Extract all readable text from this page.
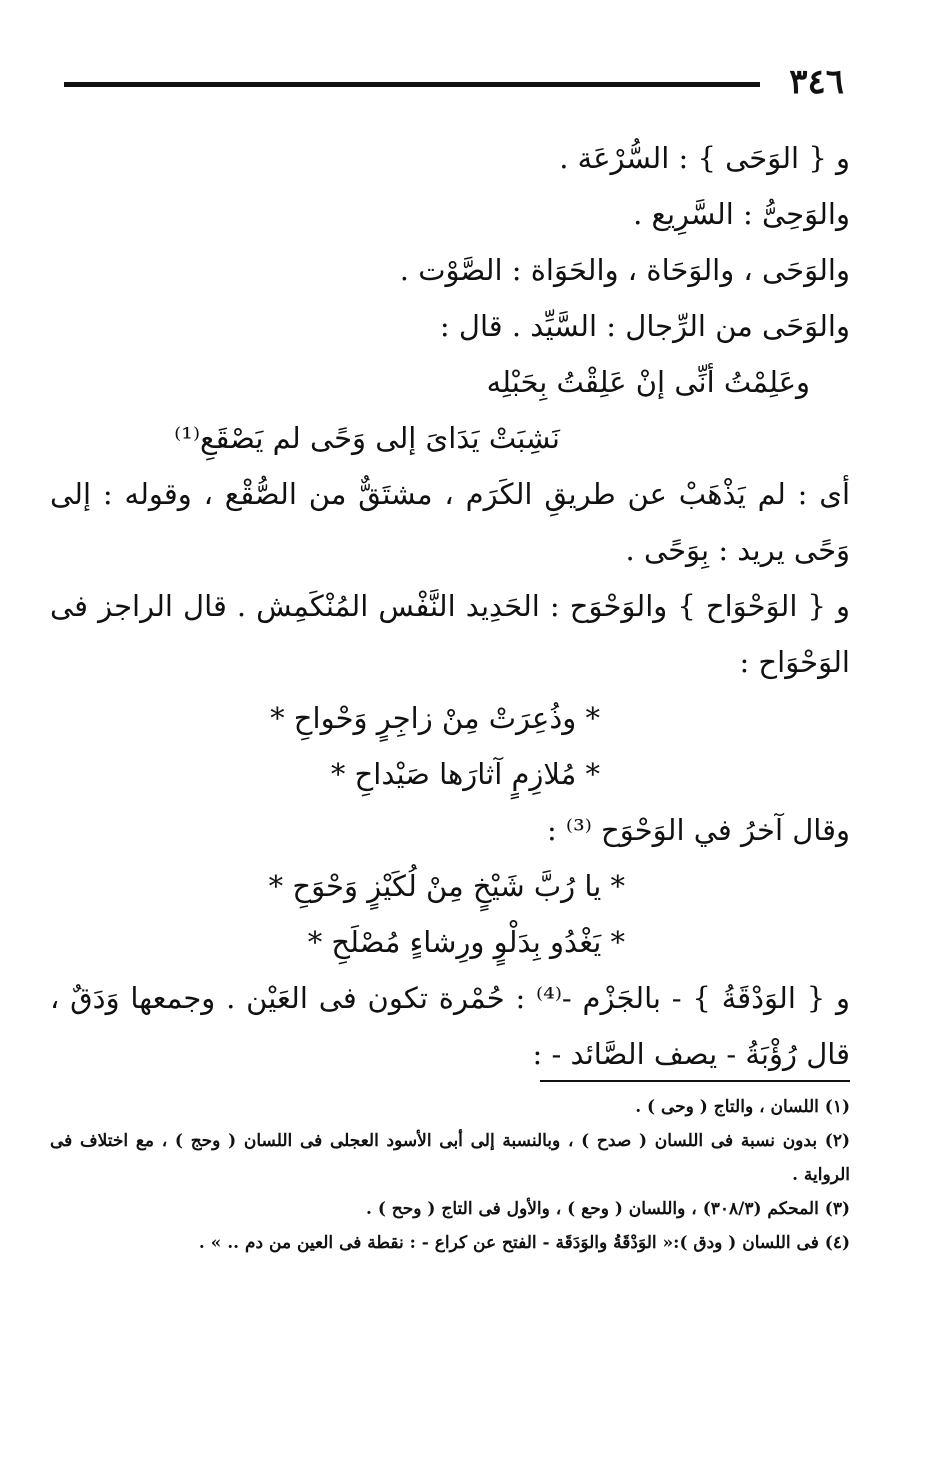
٣٤٦

و { الوَحَى } : السُّرْعَة .

والوَحِىُّ : السَّرِيع .

والوَحَى ، والوَحَاة ، والحَوَاة : الصَّوْت .

والوَحَى من الرِّجال : السَّيِّد . قال :

وعَلِمْتُ أنِّى إنْ عَلِقْتُ بِحَبْلِه

نَشِبَتْ يَدَاىَ إلى وَحًى لم يَصْقَعِ⁽¹⁾

أى : لم يَذْهَبْ عن طريقِ الكَرَم ، مشتَقٌّ من الصُّقْع ، وقوله : إلى وَحًى يريد : بِوَحًى .

و { الوَحْوَاح } والوَحْوَح : الحَدِيد النَّفْس المُنْكَمِش . قال الراجز فى الوَحْوَاح :

* وذُعِرَتْ مِنْ زاجِرٍ وَحْواحِ *

* مُلازِمٍ آثارَها صَيْداحِ *

وقال آخرُ في الوَحْوَح ⁽³⁾ :

* يا رُبَّ شَيْخٍ مِنْ لُكَيْزٍ وَحْوَحِ *

* يَغْدُو بِدَلْوٍ ورِشاءٍ مُصْلَحِ *

و { الوَدْقَةُ } - بالجَزْم -⁽⁴⁾ : حُمْرة تكون فى العَيْن . وجمعها وَدَقٌ ، قال رُؤْبَةُ - يصف الصَّائد - :

(١) اللسان ، والتاج ( وحى ) .

(٢) بدون نسبة فى اللسان ( صدح ) ، وبالنسبة إلى أبى الأسود العجلى فى اللسان ( وحج ) ، مع اختلاف فى الرواية .

(٣) المحكم (٣٠٨/٣) ، واللسان ( وحع ) ، والأول فى التاج ( وحح ) .

(٤) فى اللسان ( ودق ):« الوَدْقَةُ والوَدَقَة - الفتح عن كراع - : نقطة فى العين من دم .. » .
